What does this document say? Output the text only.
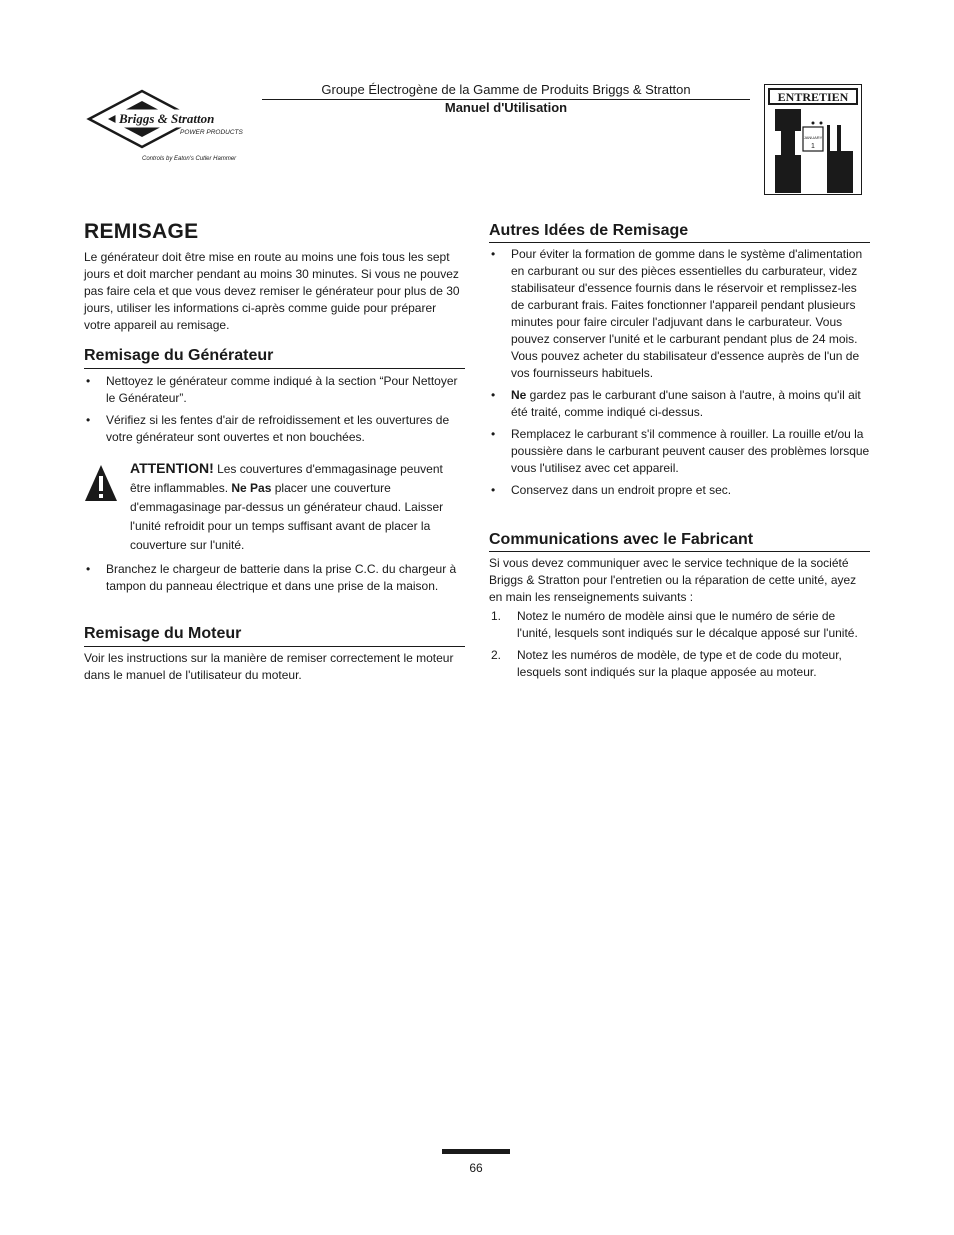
Briggs & Stratton
POWER PRODUCTS
Controls by Eaton's Cutler Hammer
Groupe Électrogène de la Gamme de Produits Briggs & Stratton
Manuel d'Utilisation
ENTRETIEN
JANUARY
1
REMISAGE

Le générateur doit être mise en route au moins une fois tous les sept jours et doit marcher pendant au moins 30 minutes. Si vous ne pouvez pas faire cela et que vous devez remiser le générateur pour plus de 30 jours, utiliser les informations ci-après comme guide pour préparer votre appareil au remisage.

Remisage du Générateur
• Nettoyez le générateur comme indiqué à la section “Pour Nettoyer le Générateur”.
• Vérifiez si les fentes d'air de refroidissement et les ouvertures de votre générateur sont ouvertes et non bouchées.
ATTENTION! Les couvertures d'emmagasinage peuvent être inflammables. Ne Pas placer une couverture d'emmagasinage par-dessus un générateur chaud. Laisser l'unité refroidit pour un temps suffisant avant de placer la couverture sur l'unité.
• Branchez le chargeur de batterie dans la prise C.C. du chargeur à tampon du panneau électrique et dans une prise de la maison.
Remisage du Moteur

Voir les instructions sur la manière de remiser correctement le moteur dans le manuel de l'utilisateur du moteur.

Autres Idées de Remisage
• Pour éviter la formation de gomme dans le système d'alimentation en carburant ou sur des pièces essentielles du carburateur, videz stabilisateur d'essence fournis dans le réservoir et remplissez-les de carburant frais. Faites fonctionner l'appareil pendant plusieurs minutes pour faire circuler l'adjuvant dans le carburateur. Vous pouvez conserver l'unité et le carburant pendant plus de 24 mois. Vous pouvez acheter du stabilisateur d'essence auprès de l'un de vos fournisseurs habituels.
• Ne gardez pas le carburant d'une saison à l'autre, à moins qu'il ait été traité, comme indiqué ci-dessus.
• Remplacez le carburant s'il commence à rouiller. La rouille et/ou la poussière dans le carburant peuvent causer des problèmes lorsque vous l'utilisez avec cet appareil.
• Conservez dans un endroit propre et sec.
Communications avec le Fabricant

Si vous devez communiquer avec le service technique de la société Briggs & Stratton pour l'entretien ou la réparation de cette unité, ayez en main les renseignements suivants :

1. Notez le numéro de modèle ainsi que le numéro de série de l'unité, lesquels sont indiqués sur le décalque apposé sur l'unité.
2. Notez les numéros de modèle, de type et de code du moteur, lesquels sont indiqués sur la plaque apposée au moteur.
66
